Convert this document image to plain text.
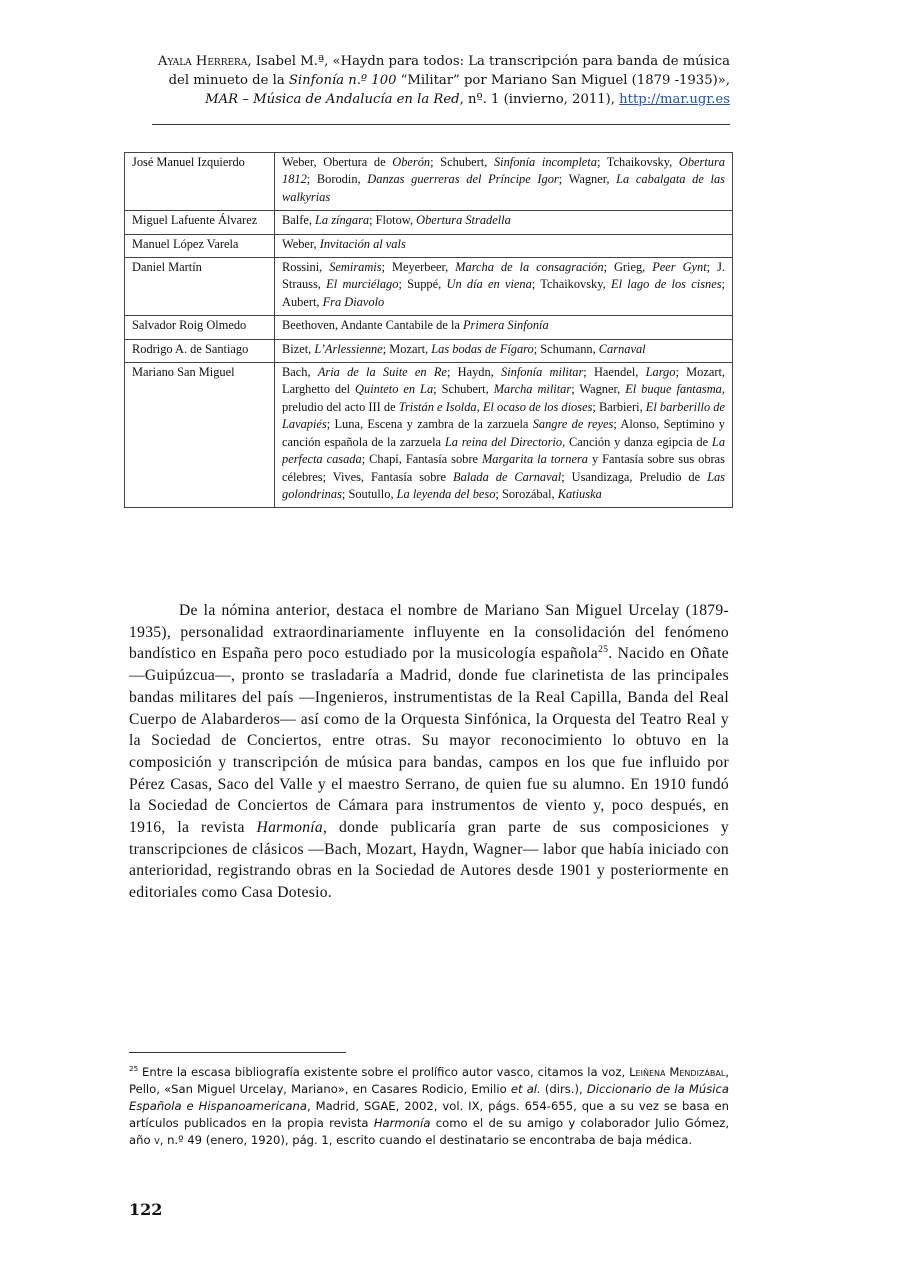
Ayala Herrera, Isabel M.ª, «Haydn para todos: La transcripción para banda de música del minueto de la Sinfonía n.º 100 “Militar” por Mariano San Miguel (1879 -1935)», MAR – Música de Andalucía en la Red, nº. 1 (invierno, 2011), http://mar.ugr.es
José Manuel Izquierdo	Weber, Obertura de Oberón; Schubert, Sinfonía incompleta; Tchaikovsky, Obertura 1812; Borodin, Danzas guerreras del Príncipe Igor; Wagner, La cabalgata de las walkyrias
Miguel Lafuente Álvarez	Balfe, La zíngara; Flotow, Obertura Stradella
Manuel López Varela	Weber, Invitación al vals
Daniel Martín	Rossini, Semiramis; Meyerbeer, Marcha de la consagración; Grieg, Peer Gynt; J. Strauss, El murciélago; Suppé, Un día en viena; Tchaikovsky, El lago de los cisnes; Aubert, Fra Diavolo
Salvador Roig Olmedo	Beethoven, Andante Cantabile de la Primera Sinfonía
Rodrigo A. de Santiago	Bizet, L’Arlessienne; Mozart, Las bodas de Fígaro; Schumann, Carnaval
Mariano San Miguel	Bach, Aria de la Suite en Re; Haydn, Sinfonía militar; Haendel, Largo; Mozart, Larghetto del Quinteto en La; Schubert, Marcha militar; Wagner, El buque fantasma, preludio del acto III de Tristán e Isolda, El ocaso de los dioses; Barbieri, El barberillo de Lavapiés; Luna, Escena y zambra de la zarzuela Sangre de reyes; Alonso, Septimino y canción española de la zarzuela La reina del Directorio, Canción y danza egipcia de La perfecta casada; Chapí, Fantasía sobre Margarita la tornera y Fantasía sobre sus obras célebres; Vives, Fantasía sobre Balada de Carnaval; Usandizaga, Preludio de Las golondrinas; Soutullo, La leyenda del beso; Sorozábal, Katiuska

De la nómina anterior, destaca el nombre de Mariano San Miguel Urcelay (1879-1935), personalidad extraordinariamente influyente en la consolidación del fenómeno bandístico en España pero poco estudiado por la musicología española$^{25}$. Nacido en Oñate —Guipúzcua—, pronto se trasladaría a Madrid, donde fue clarinetista de las principales bandas militares del país —Ingenieros, instrumentistas de la Real Capilla, Banda del Real Cuerpo de Alabarderos— así como de la Orquesta Sinfónica, la Orquesta del Teatro Real y la Sociedad de Conciertos, entre otras. Su mayor reconocimiento lo obtuvo en la composición y transcripción de música para bandas, campos en los que fue influido por Pérez Casas, Saco del Valle y el maestro Serrano, de quien fue su alumno. En 1910 fundó la Sociedad de Conciertos de Cámara para instrumentos de viento y, poco después, en 1916, la revista Harmonía, donde publicaría gran parte de sus composiciones y transcripciones de clásicos —Bach, Mozart, Haydn, Wagner— labor que había iniciado con anterioridad, registrando obras en la Sociedad de Autores desde 1901 y posteriormente en editoriales como Casa Dotesio.

$^{25}$ Entre la escasa bibliografía existente sobre el prolífico autor vasco, citamos la voz, Leiñena Mendizábal, Pello, «San Miguel Urcelay, Mariano», en Casares Rodicio, Emilio et al. (dirs.), Diccionario de la Música Española e Hispanoamericana, Madrid, SGAE, 2002, vol. IX, págs. 654-655, que a su vez se basa en artículos publicados en la propia revista Harmonía como el de su amigo y colaborador Julio Gómez, año v, n.º 49 (enero, 1920), pág. 1, escrito cuando el destinatario se encontraba de baja médica.
122
